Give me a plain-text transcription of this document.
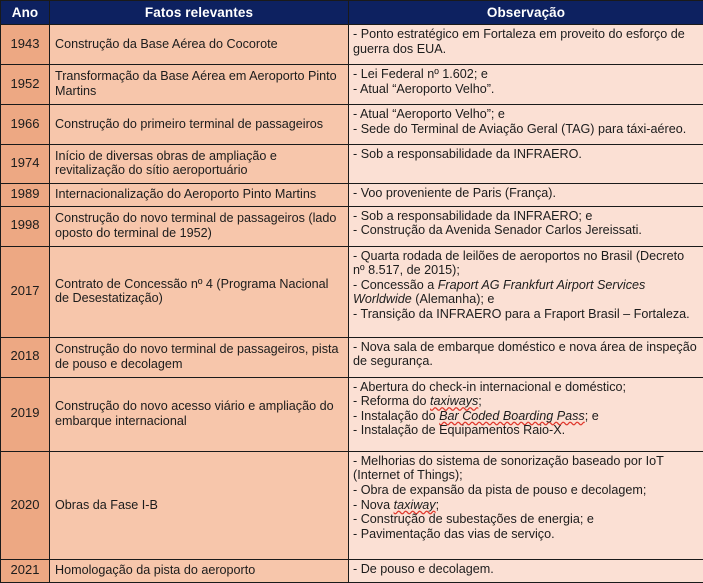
Ano	Fatos relevantes	Observação
1943	Construção da Base Aérea do Cocorote	- Ponto estratégico em Fortaleza em proveito do esforço de guerra dos EUA.

1952	Transformação da Base Aérea em Aeroporto Pinto Martins	- Lei Federal nº 1.602; e
- Atual “Aeroporto Velho”.

1966	Construção do primeiro terminal de passageiros	- Atual “Aeroporto Velho”; e
- Sede do Terminal de Aviação Geral (TAG) para táxi-aéreo.

1974	Início de diversas obras de ampliação e revitalização do sítio aeroportuário	- Sob a responsabilidade da INFRAERO.

1989	Internacionalização do Aeroporto Pinto Martins	- Voo proveniente de Paris (França).

1998	Construção do novo terminal de passageiros (lado oposto do terminal de 1952)	- Sob a responsabilidade da INFRAERO; e
- Construção da Avenida Senador Carlos Jereissati.

2017	Contrato de Concessão nº 4 (Programa Nacional de Desestatização)	- Quarta rodada de leilões de aeroportos no Brasil (Decreto nº 8.517, de 2015);
- Concessão a Fraport AG Frankfurt Airport Services Worldwide (Alemanha); e
- Transição da INFRAERO para a Fraport Brasil – Fortaleza.

2018	Construção do novo terminal de passageiros, pista de pouso e decolagem	- Nova sala de embarque doméstico e nova área de inspeção de segurança.

2019	Construção do novo acesso viário e ampliação do embarque internacional	- Abertura do check-in internacional e doméstico;
- Reforma do taxiways;
- Instalação do Bar Coded Boarding Pass; e
- Instalação de Equipamentos Raio-X.

2020	Obras da Fase I-B	- Melhorias do sistema de sonorização baseado por IoT (Internet of Things);
- Obra de expansão da pista de pouso e decolagem;
- Nova taxiway;
- Construção de subestações de energia; e
- Pavimentação das vias de serviço.

2021	Homologação da pista do aeroporto	- De pouso e decolagem.
